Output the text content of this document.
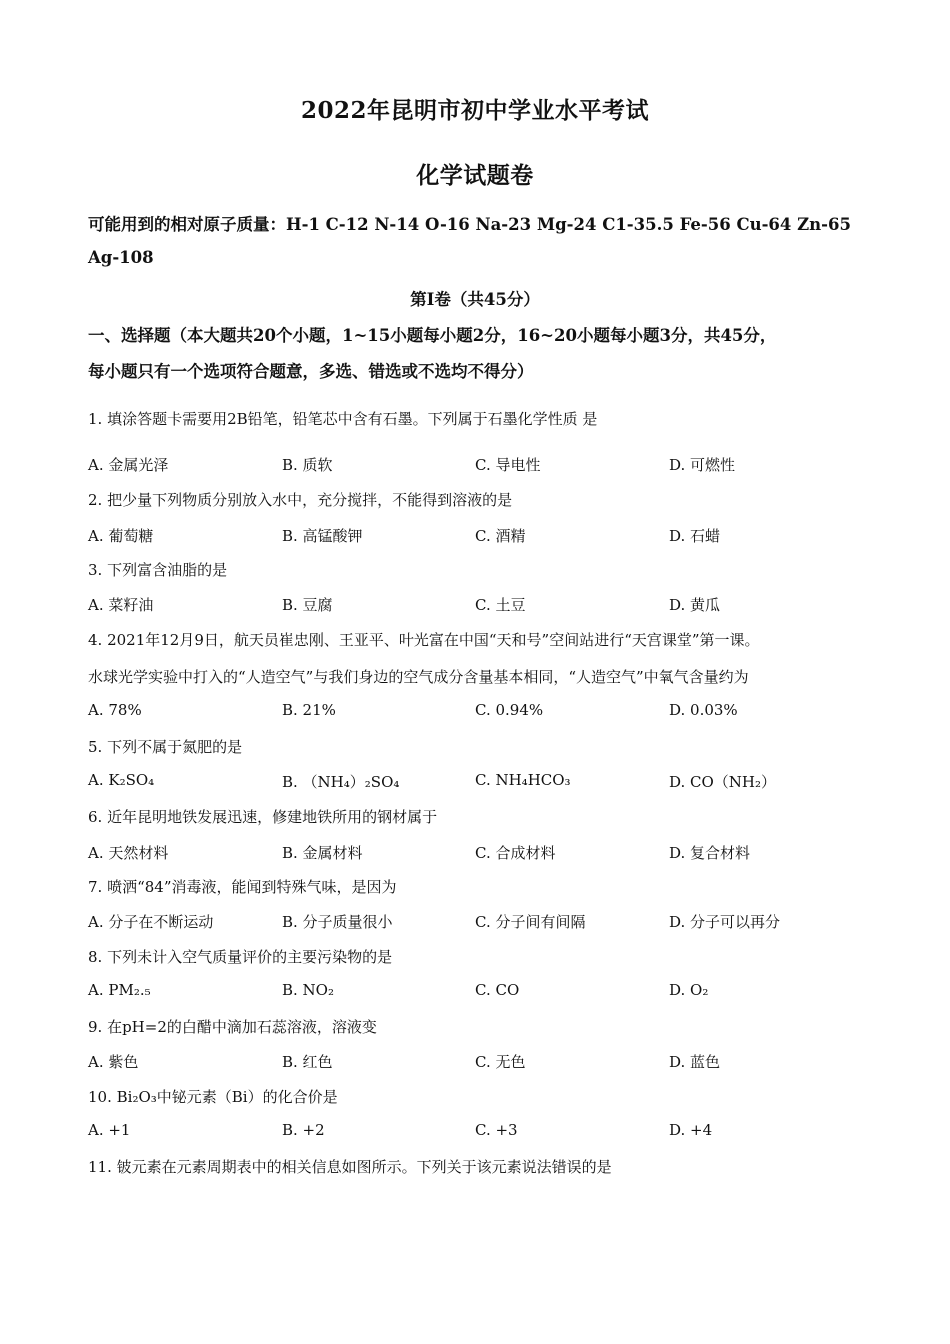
2022年昆明市初中学业水平考试
化学试题卷
可能用到的相对原子质量：H-1 C-12 N-14 O-16 Na-23 Mg-24 C1-35.5 Fe-56 Cu-64 Zn-65
Ag-108
第Ⅰ卷（共45分）
一、选择题（本大题共20个小题，1~15小题每小题2分，16~20小题每小题3分，共45分，
每小题只有一个选项符合题意，多选、错选或不选均不得分）
1. 填涂答题卡需要用2B铅笔，铅笔芯中含有石墨。下列属于石墨化学性质 是
A. 金属光泽	B. 质软	C. 导电性	D. 可燃性
2. 把少量下列物质分别放入水中，充分搅拌，不能得到溶液的是
A. 葡萄糖	B. 高锰酸钾	C. 酒精	D. 石蜡
3. 下列富含油脂的是
A. 菜籽油	B. 豆腐	C. 土豆	D. 黄瓜
4. 2021年12月9日，航天员崔忠刚、王亚平、叶光富在中国“天和号”空间站进行“天宫课堂”第一课。
水球光学实验中打入的“人造空气”与我们身边的空气成分含量基本相同，“人造空气”中氧气含量约为
A. 78%	B. 21%	C. 0.94%	D. 0.03%
5. 下列不属于氮肥的是
A. K₂SO₄	B. （NH₄）₂SO₄	C. NH₄HCO₃	D. CO（NH₂）
6. 近年昆明地铁发展迅速，修建地铁所用的钢材属于
A. 天然材料	B. 金属材料	C. 合成材料	D. 复合材料
7. 喷洒“84”消毒液，能闻到特殊气味，是因为
A. 分子在不断运动	B. 分子质量很小	C. 分子间有间隔	D. 分子可以再分
8. 下列未计入空气质量评价的主要污染物的是
A. PM₂.₅	B. NO₂	C. CO	D. O₂
9. 在pH=2的白醋中滴加石蕊溶液，溶液变
A. 紫色	B. 红色	C. 无色	D. 蓝色
10. Bi₂O₃中铋元素（Bi）的化合价是
A. +1	B. +2	C. +3	D. +4
11. 铍元素在元素周期表中的相关信息如图所示。下列关于该元素说法错误的是
